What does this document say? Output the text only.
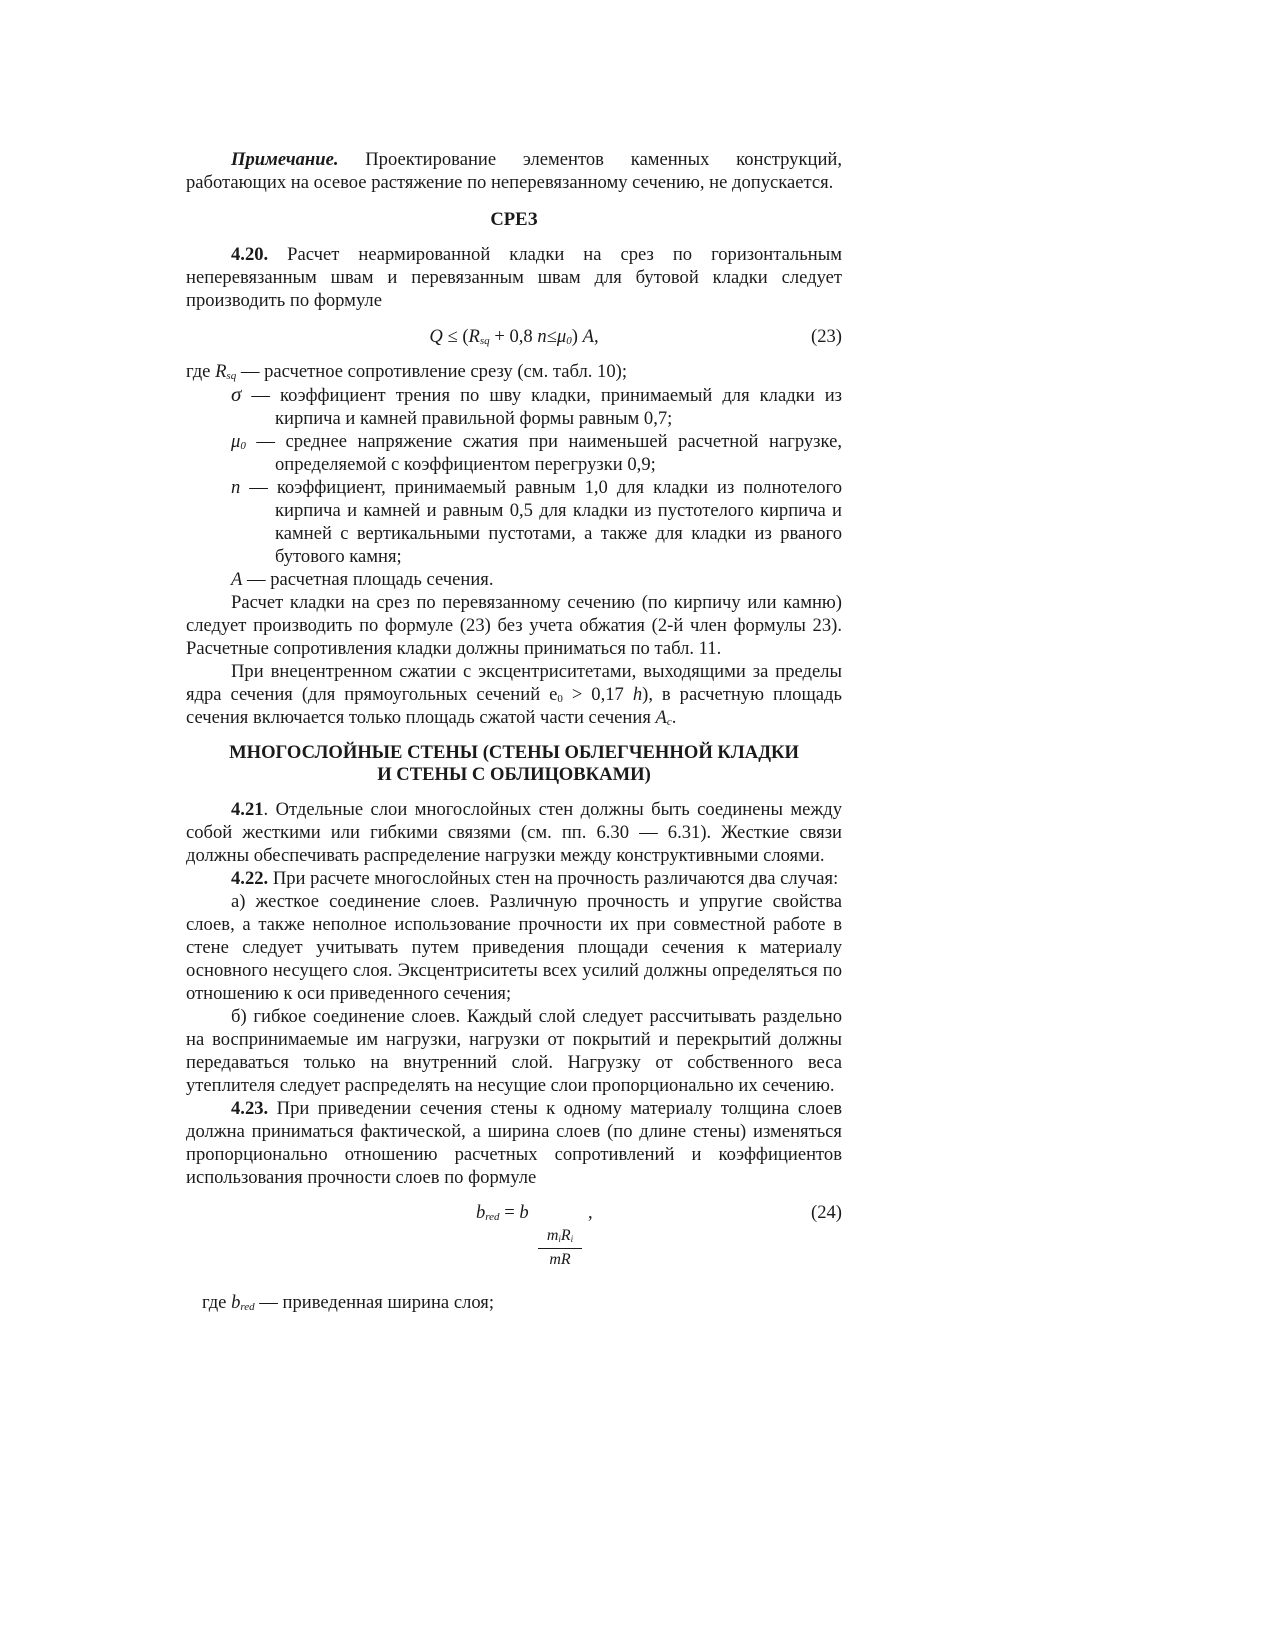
Примечание. Проектирование элементов каменных конструкций, работающих на осевое растяжение по неперевязанному сечению, не допускается.

СРЕЗ

4.20. Расчет неармированной кладки на срез по горизонтальным неперевязанным швам и перевязанным швам для бутовой кладки следует производить по формуле

$Q \le (R_{sq} + 0,8$ $n\le\mu_0$) A,	(23)

где $R_{sq}$ — расчетное сопротивление срезу (см. табл. 10);

σ — коэффициент трения по шву кладки, принимаемый для кладки из кирпича и камней правильной формы равным 0,7;

$\mu_0$ — среднее напряжение сжатия при наименьшей расчетной нагрузке, определяемой с коэффициентом перегрузки 0,9;

n — коэффициент, принимаемый равным 1,0 для кладки из полнотелого кирпича и камней и равным 0,5 для кладки из пустотелого кирпича и камней с вертикальными пустотами, а также для кладки из рваного бутового камня;

A — расчетная площадь сечения.

Расчет кладки на срез по перевязанному сечению (по кирпичу или камню) следует производить по формуле (23) без учета обжатия (2-й член формулы 23). Расчетные сопротивления кладки должны приниматься по табл. 11.

При внецентренном сжатии с эксцентриситетами, выходящими за пределы ядра сечения (для прямоугольных сечений $e_0 > 0,17$ h), в расчетную площадь сечения включается только площадь сжатой части сечения $A_c$.

МНОГОСЛОЙНЫЕ СТЕНЫ (СТЕНЫ ОБЛЕГЧЕННОЙ КЛАДКИ
И СТЕНЫ С ОБЛИЦОВКАМИ)

4.21. Отдельные слои многослойных стен должны быть соединены между собой жесткими или гибкими связями (см. пп. 6.30 — 6.31). Жесткие связи должны обеспечивать распределение нагрузки между конструктивными слоями.

4.22. При расчете многослойных стен на прочность различаются два случая:

а) жесткое соединение слоев. Различную прочность и упругие свойства слоев, а также неполное использование прочности их при совместной работе в стене следует учитывать путем приведения площади сечения к материалу основного несущего слоя. Эксцентриситеты всех усилий должны определяться по отношению к оси приведенного сечения;

б) гибкое соединение слоев. Каждый слой следует рассчитывать раздельно на воспринимаемые им нагрузки, нагрузки от покрытий и перекрытий должны передаваться только на внутренний слой. Нагрузку от собственного веса утеплителя следует распределять на несущие слои пропорционально их сечению.

4.23. При приведении сечения стены к одному материалу толщина слоев должна приниматься фактической, а ширина слоев (по длине стены) изменяться пропорционально отношению расчетных сопротивлений и коэффициентов использования прочности слоев по формуле

$b_{red} = b$	,
$m_iR_i$
mR
(24)

где $b_{red}$ — приведенная ширина слоя;
